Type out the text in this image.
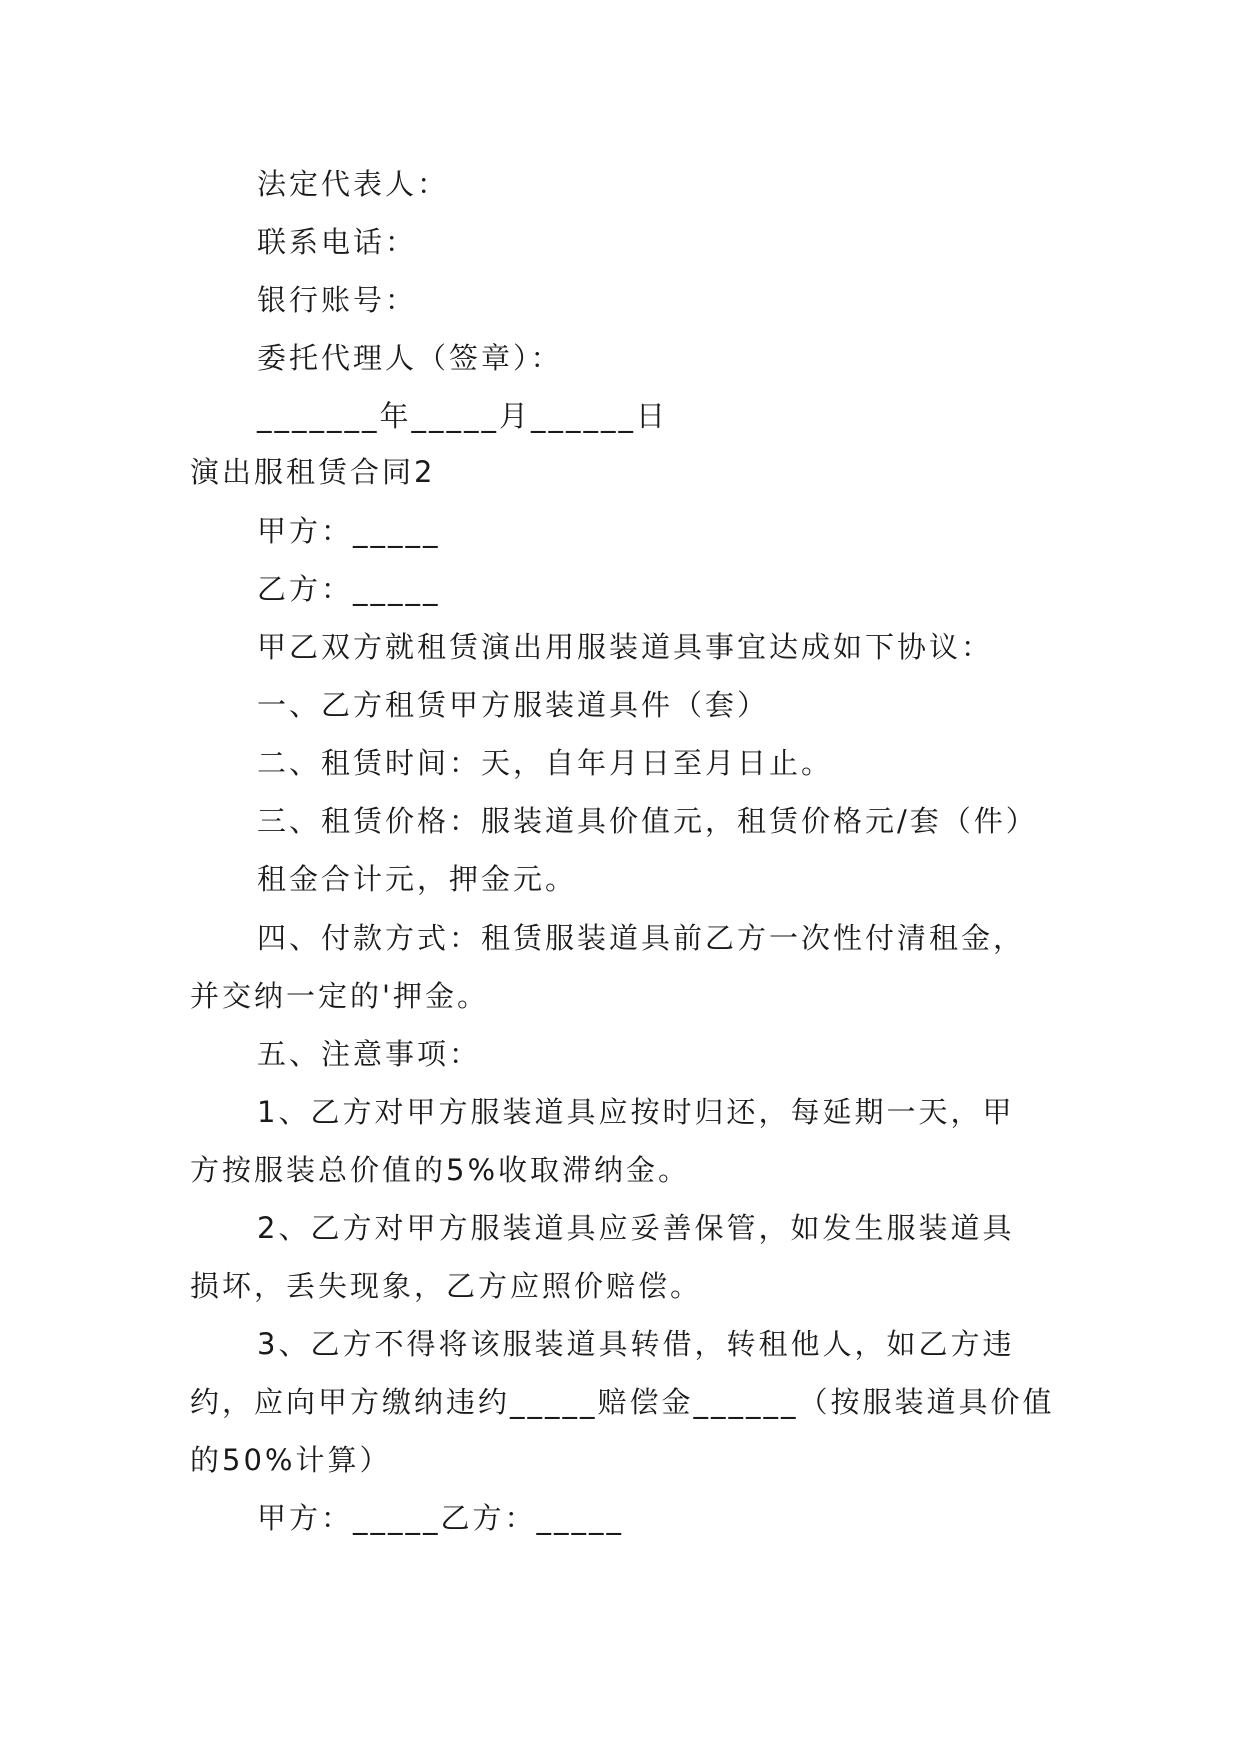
法定代表人：

联系电话：

银行账号：

委托代理人（签章）：

_______年_____月______日

演出服租赁合同2

甲方：_____

乙方：_____

甲乙双方就租赁演出用服装道具事宜达成如下协议：

一、乙方租赁甲方服装道具件（套）

二、租赁时间：天，自年月日至月日止。

三、租赁价格：服装道具价值元，租赁价格元/套（件）

租金合计元，押金元。

四、付款方式：租赁服装道具前乙方一次性付清租金，

并交纳一定的'押金。

五、注意事项：

1、乙方对甲方服装道具应按时归还，每延期一天，甲

方按服装总价值的5%收取滞纳金。

2、乙方对甲方服装道具应妥善保管，如发生服装道具

损坏，丢失现象，乙方应照价赔偿。

3、乙方不得将该服装道具转借，转租他人，如乙方违

约，应向甲方缴纳违约_____赔偿金______（按服装道具价值

的50%计算）

甲方：_____乙方：_____
